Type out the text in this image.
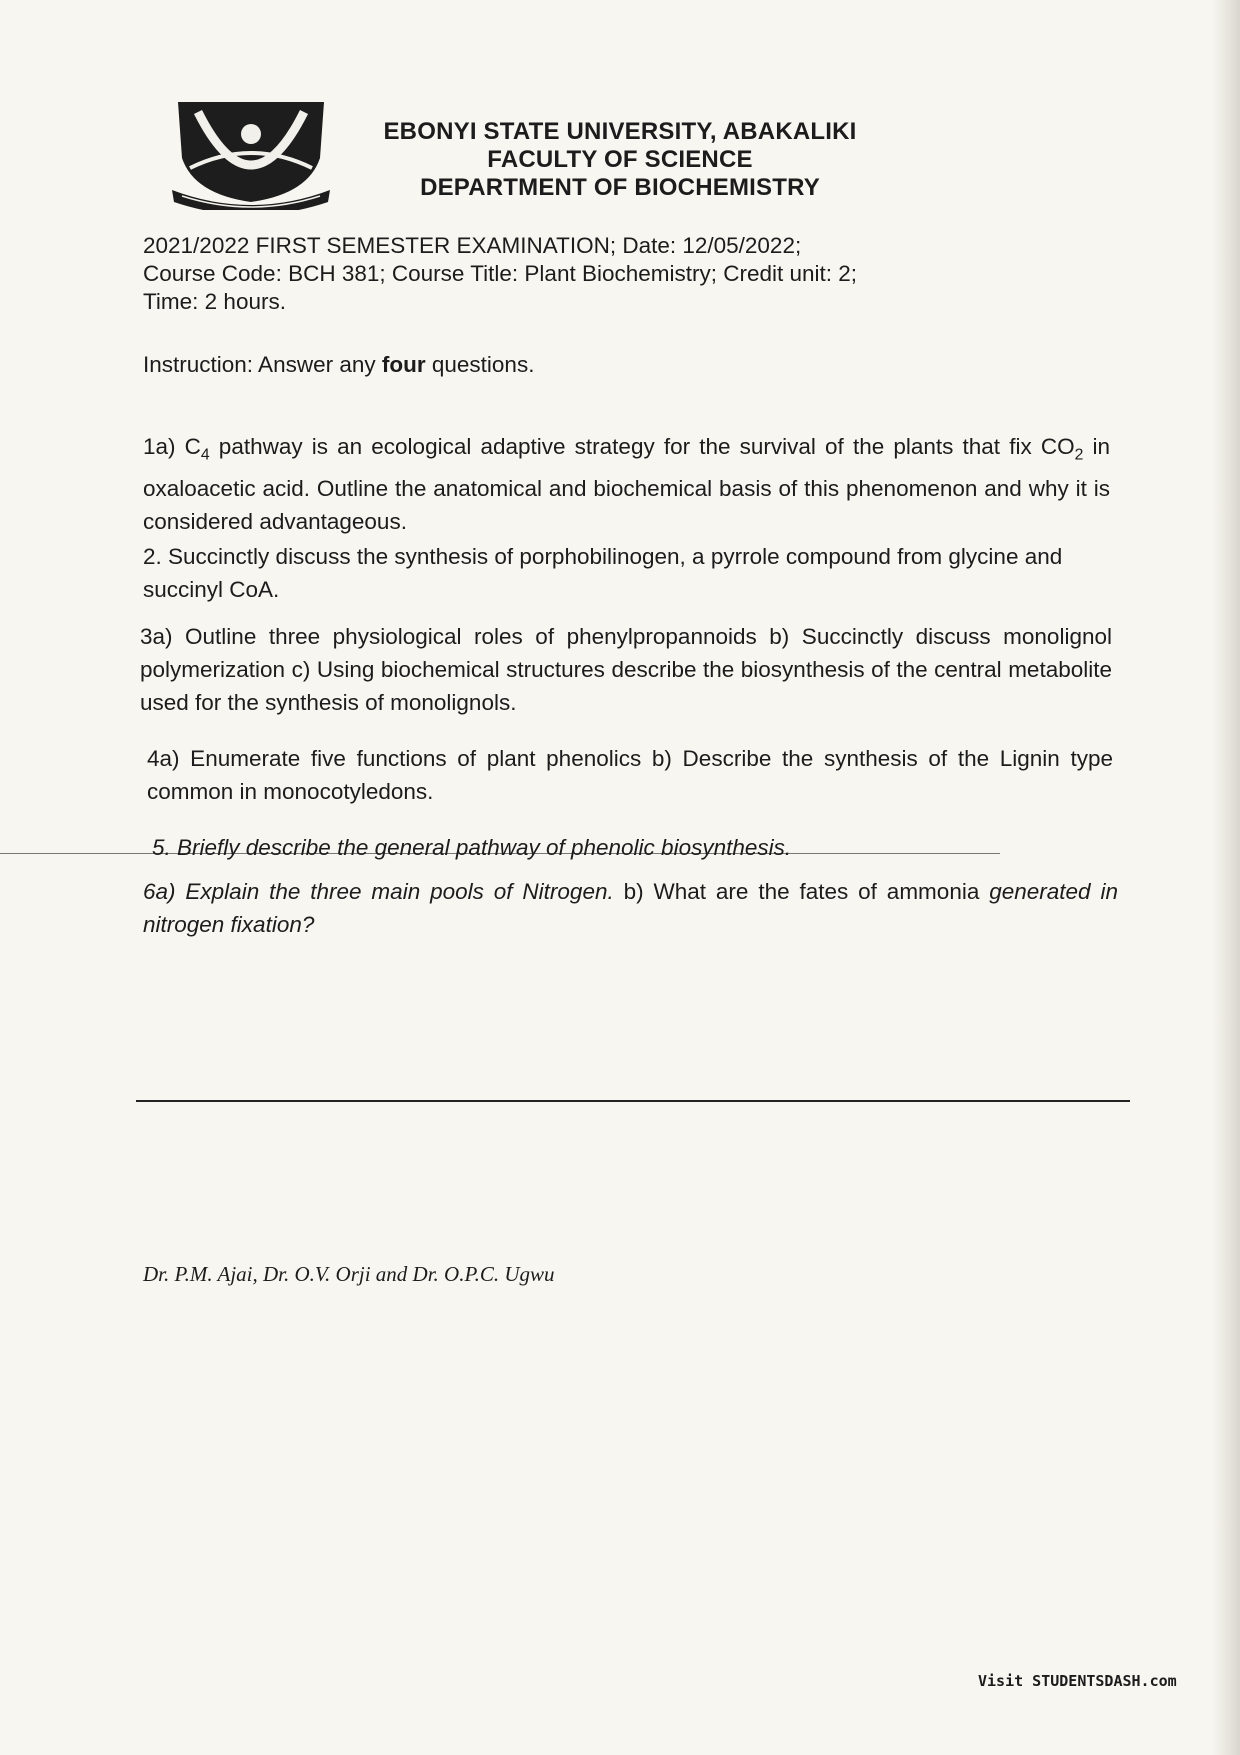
EBONYI STATE UNIVERSITY, ABAKALIKI
FACULTY OF SCIENCE
DEPARTMENT OF BIOCHEMISTRY
2021/2022 FIRST SEMESTER EXAMINATION; Date: 12/05/2022;
Course Code: BCH 381; Course Title: Plant Biochemistry; Credit unit: 2;
Time: 2 hours.
Instruction: Answer any four questions.
1a) $C_4$ pathway is an ecological adaptive strategy for the survival of the plants that fix $CO_2$ in oxaloacetic acid. Outline the anatomical and biochemical basis of this phenomenon and why it is considered advantageous.
2. Succinctly discuss the synthesis of porphobilinogen, a pyrrole compound from glycine and succinyl CoA.
3a) Outline three physiological roles of phenylpropannoids b) Succinctly discuss monolignol polymerization c) Using biochemical structures describe the biosynthesis of the central metabolite used for the synthesis of monolignols.
4a) Enumerate five functions of plant phenolics b) Describe the synthesis of the Lignin type common in monocotyledons.
5. Briefly describe the general pathway of phenolic biosynthesis.
6a) Explain the three main pools of Nitrogen. b) What are the fates of ammonia generated in nitrogen fixation?
Dr. P.M. Ajai, Dr. O.V. Orji and Dr. O.P.C. Ugwu
Visit STUDENTSDASH.com
